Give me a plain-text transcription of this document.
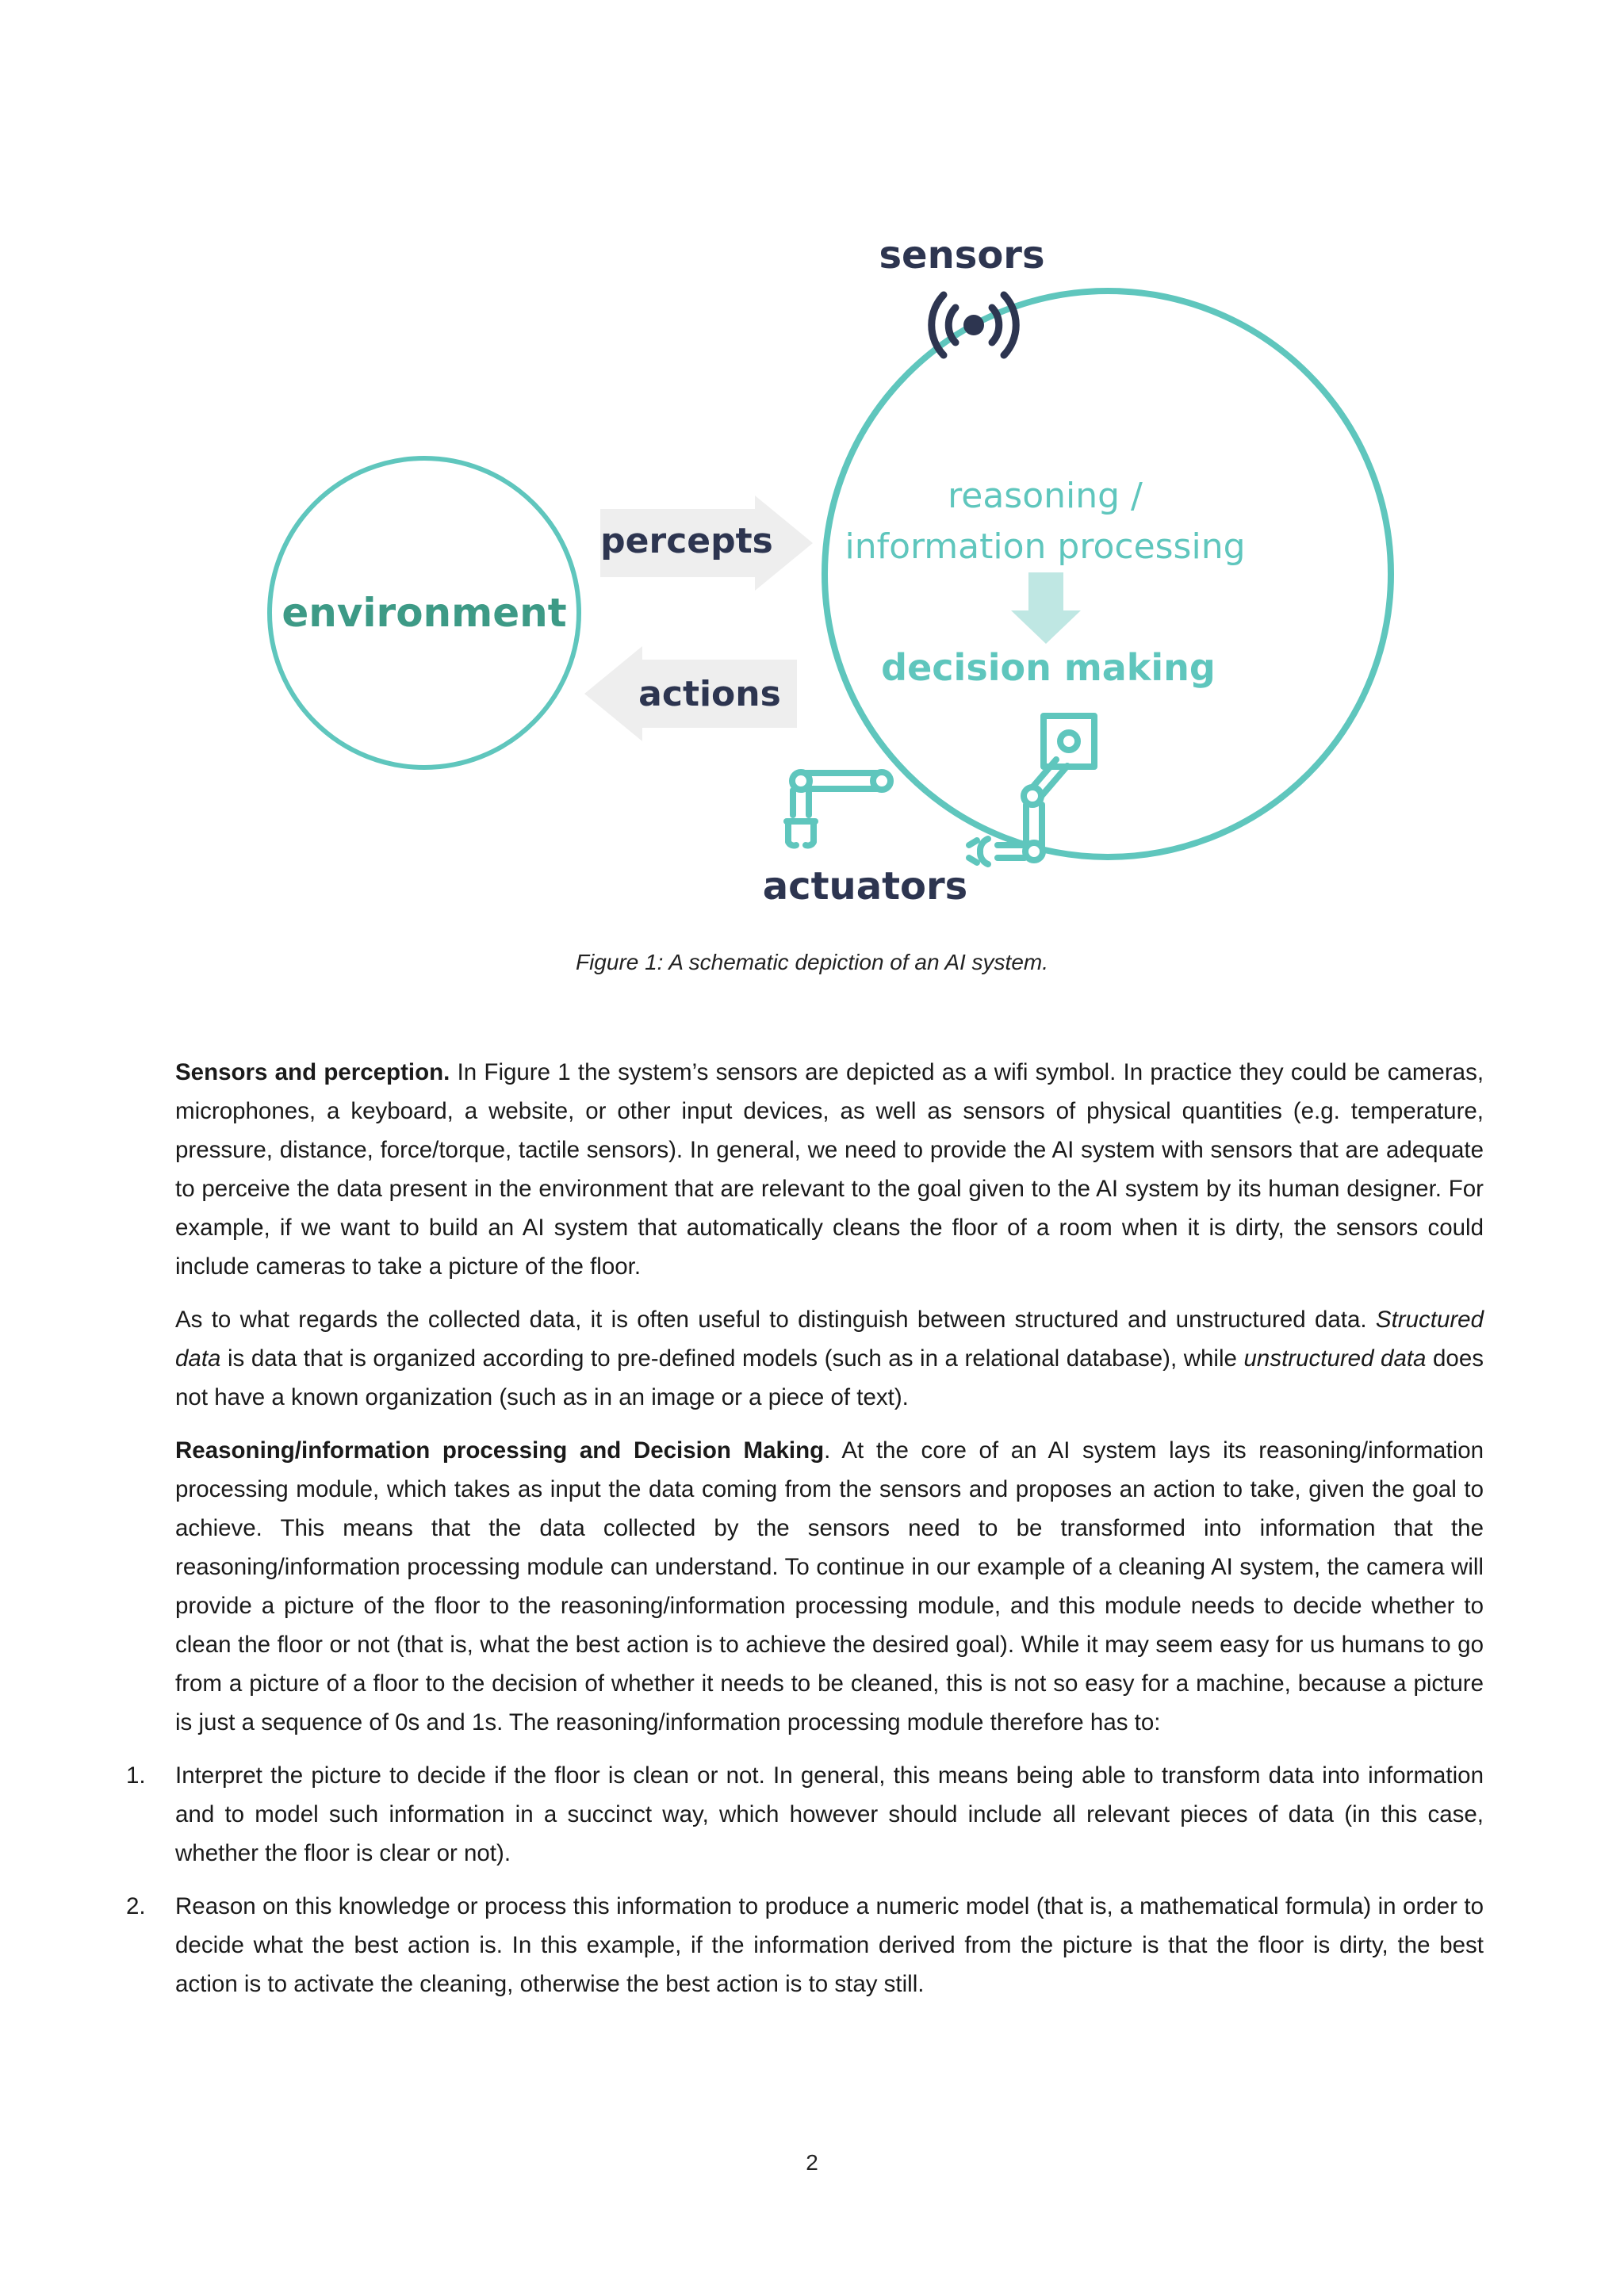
environment
percepts
actions
sensors
reasoning /
information processing
decision making
actuators
Figure 1: A schematic depiction of an AI system.

Sensors and perception. In Figure 1 the system’s sensors are depicted as a wifi symbol. In practice they could be cameras, microphones, a keyboard, a website, or other input devices, as well as sensors of physical quantities (e.g. temperature, pressure, distance, force/torque, tactile sensors). In general, we need to provide the AI system with sensors that are adequate to perceive the data present in the environment that are relevant to the goal given to the AI system by its human designer. For example, if we want to build an AI system that automatically cleans the floor of a room when it is dirty, the sensors could include cameras to take a picture of the floor.

As to what regards the collected data, it is often useful to distinguish between structured and unstructured data. Structured data is data that is organized according to pre-defined models (such as in a relational database), while unstructured data does not have a known organization (such as in an image or a piece of text).

Reasoning/information processing and Decision Making. At the core of an AI system lays its reasoning/information processing module, which takes as input the data coming from the sensors and proposes an action to take, given the goal to achieve. This means that the data collected by the sensors need to be transformed into information that the reasoning/information processing module can understand. To continue in our example of a cleaning AI system, the camera will provide a picture of the floor to the reasoning/information processing module, and this module needs to decide whether to clean the floor or not (that is, what the best action is to achieve the desired goal). While it may seem easy for us humans to go from a picture of a floor to the decision of whether it needs to be cleaned, this is not so easy for a machine, because a picture is just a sequence of 0s and 1s. The reasoning/information processing module therefore has to:

1. Interpret the picture to decide if the floor is clean or not. In general, this means being able to transform data into information and to model such information in a succinct way, which however should include all relevant pieces of data (in this case, whether the floor is clear or not).
2. Reason on this knowledge or process this information to produce a numeric model (that is, a mathematical formula) in order to decide what the best action is. In this example, if the information derived from the picture is that the floor is dirty, the best action is to activate the cleaning, otherwise the best action is to stay still.
2
